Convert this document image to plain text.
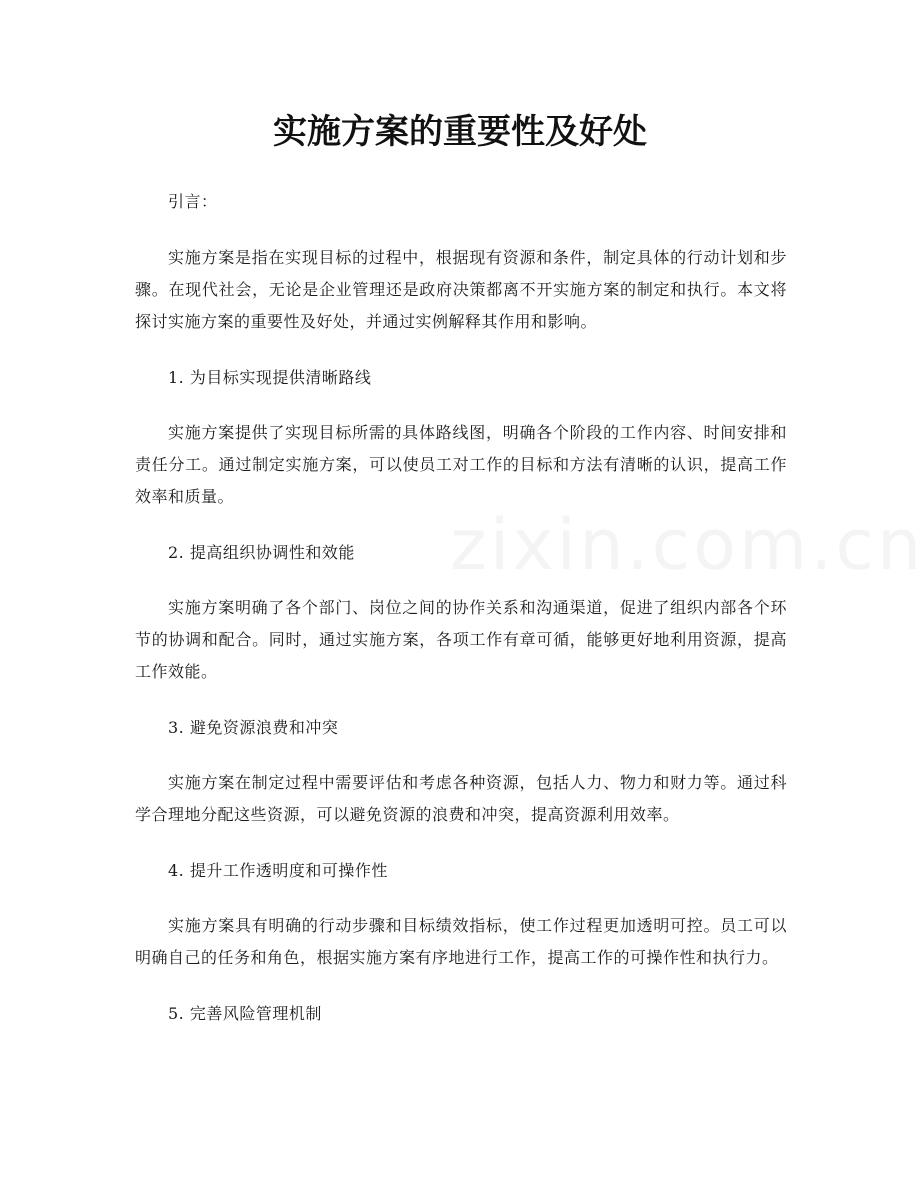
实施方案的重要性及好处

引言：

实施方案是指在实现目标的过程中，根据现有资源和条件，制定具体的行动计划和步骤。在现代社会，无论是企业管理还是政府决策都离不开实施方案的制定和执行。本文将探讨实施方案的重要性及好处，并通过实例解释其作用和影响。

1. 为目标实现提供清晰路线

实施方案提供了实现目标所需的具体路线图，明确各个阶段的工作内容、时间安排和责任分工。通过制定实施方案，可以使员工对工作的目标和方法有清晰的认识，提高工作效率和质量。

2. 提高组织协调性和效能

实施方案明确了各个部门、岗位之间的协作关系和沟通渠道，促进了组织内部各个环节的协调和配合。同时，通过实施方案，各项工作有章可循，能够更好地利用资源，提高工作效能。

3. 避免资源浪费和冲突

实施方案在制定过程中需要评估和考虑各种资源，包括人力、物力和财力等。通过科学合理地分配这些资源，可以避免资源的浪费和冲突，提高资源利用效率。

4. 提升工作透明度和可操作性

实施方案具有明确的行动步骤和目标绩效指标，使工作过程更加透明可控。员工可以明确自己的任务和角色，根据实施方案有序地进行工作，提高工作的可操作性和执行力。

5. 完善风险管理机制
